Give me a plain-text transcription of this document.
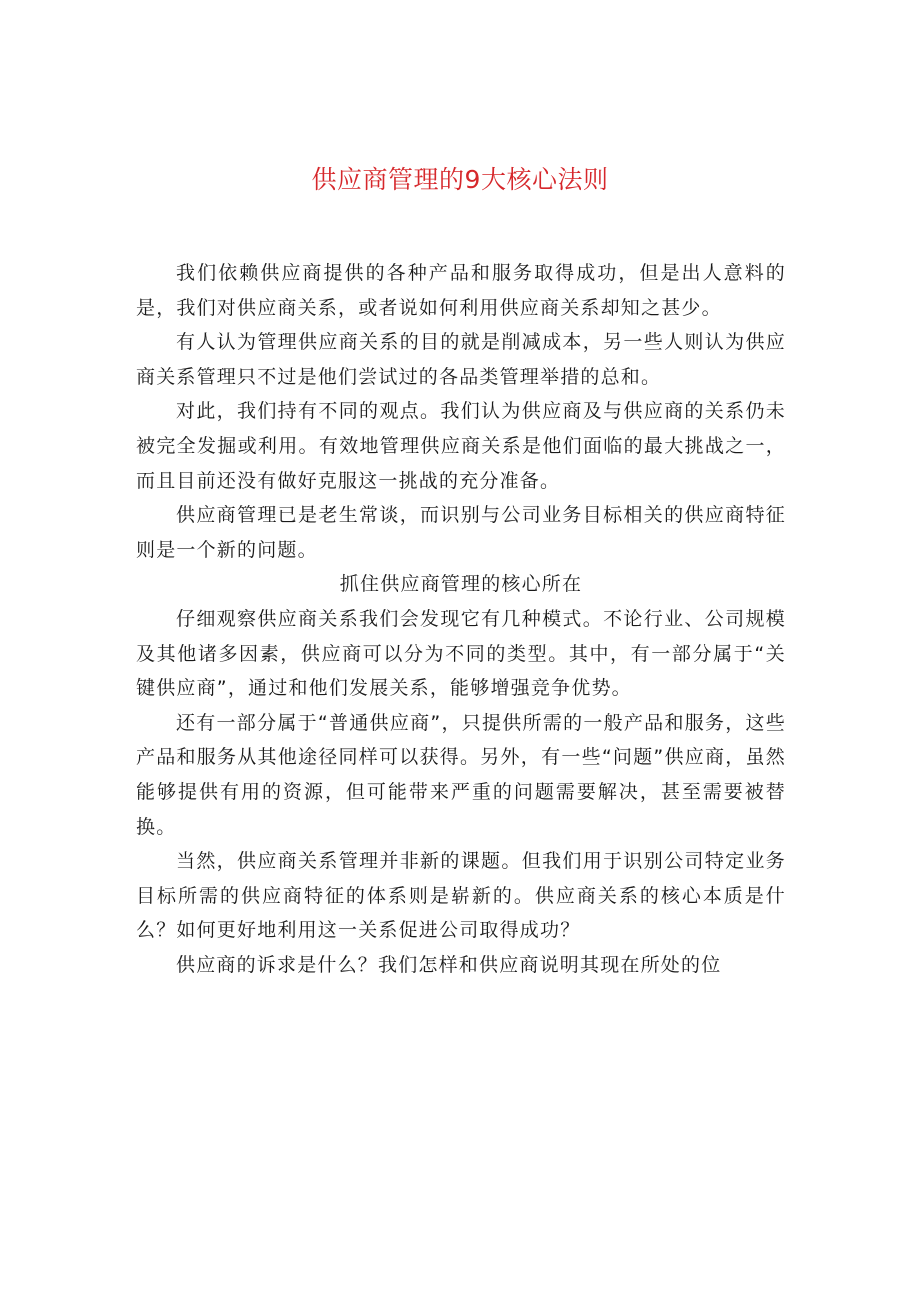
供应商管理的9大核心法则

我们依赖供应商提供的各种产品和服务取得成功，但是出人意料的是，我们对供应商关系，或者说如何利用供应商关系却知之甚少。

有人认为管理供应商关系的目的就是削减成本，另一些人则认为供应商关系管理只不过是他们尝试过的各品类管理举措的总和。

对此，我们持有不同的观点。我们认为供应商及与供应商的关系仍未被完全发掘或利用。有效地管理供应商关系是他们面临的最大挑战之一，而且目前还没有做好克服这一挑战的充分准备。

供应商管理已是老生常谈，而识别与公司业务目标相关的供应商特征则是一个新的问题。

抓住供应商管理的核心所在

仔细观察供应商关系我们会发现它有几种模式。不论行业、公司规模及其他诸多因素，供应商可以分为不同的类型。其中，有一部分属于“关键供应商”，通过和他们发展关系，能够增强竞争优势。

还有一部分属于“普通供应商”，只提供所需的一般产品和服务，这些产品和服务从其他途径同样可以获得。另外，有一些“问题”供应商，虽然能够提供有用的资源，但可能带来严重的问题需要解决，甚至需要被替换。

当然，供应商关系管理并非新的课题。但我们用于识别公司特定业务目标所需的供应商特征的体系则是崭新的。供应商关系的核心本质是什么？如何更好地利用这一关系促进公司取得成功？

供应商的诉求是什么？我们怎样和供应商说明其现在所处的位
